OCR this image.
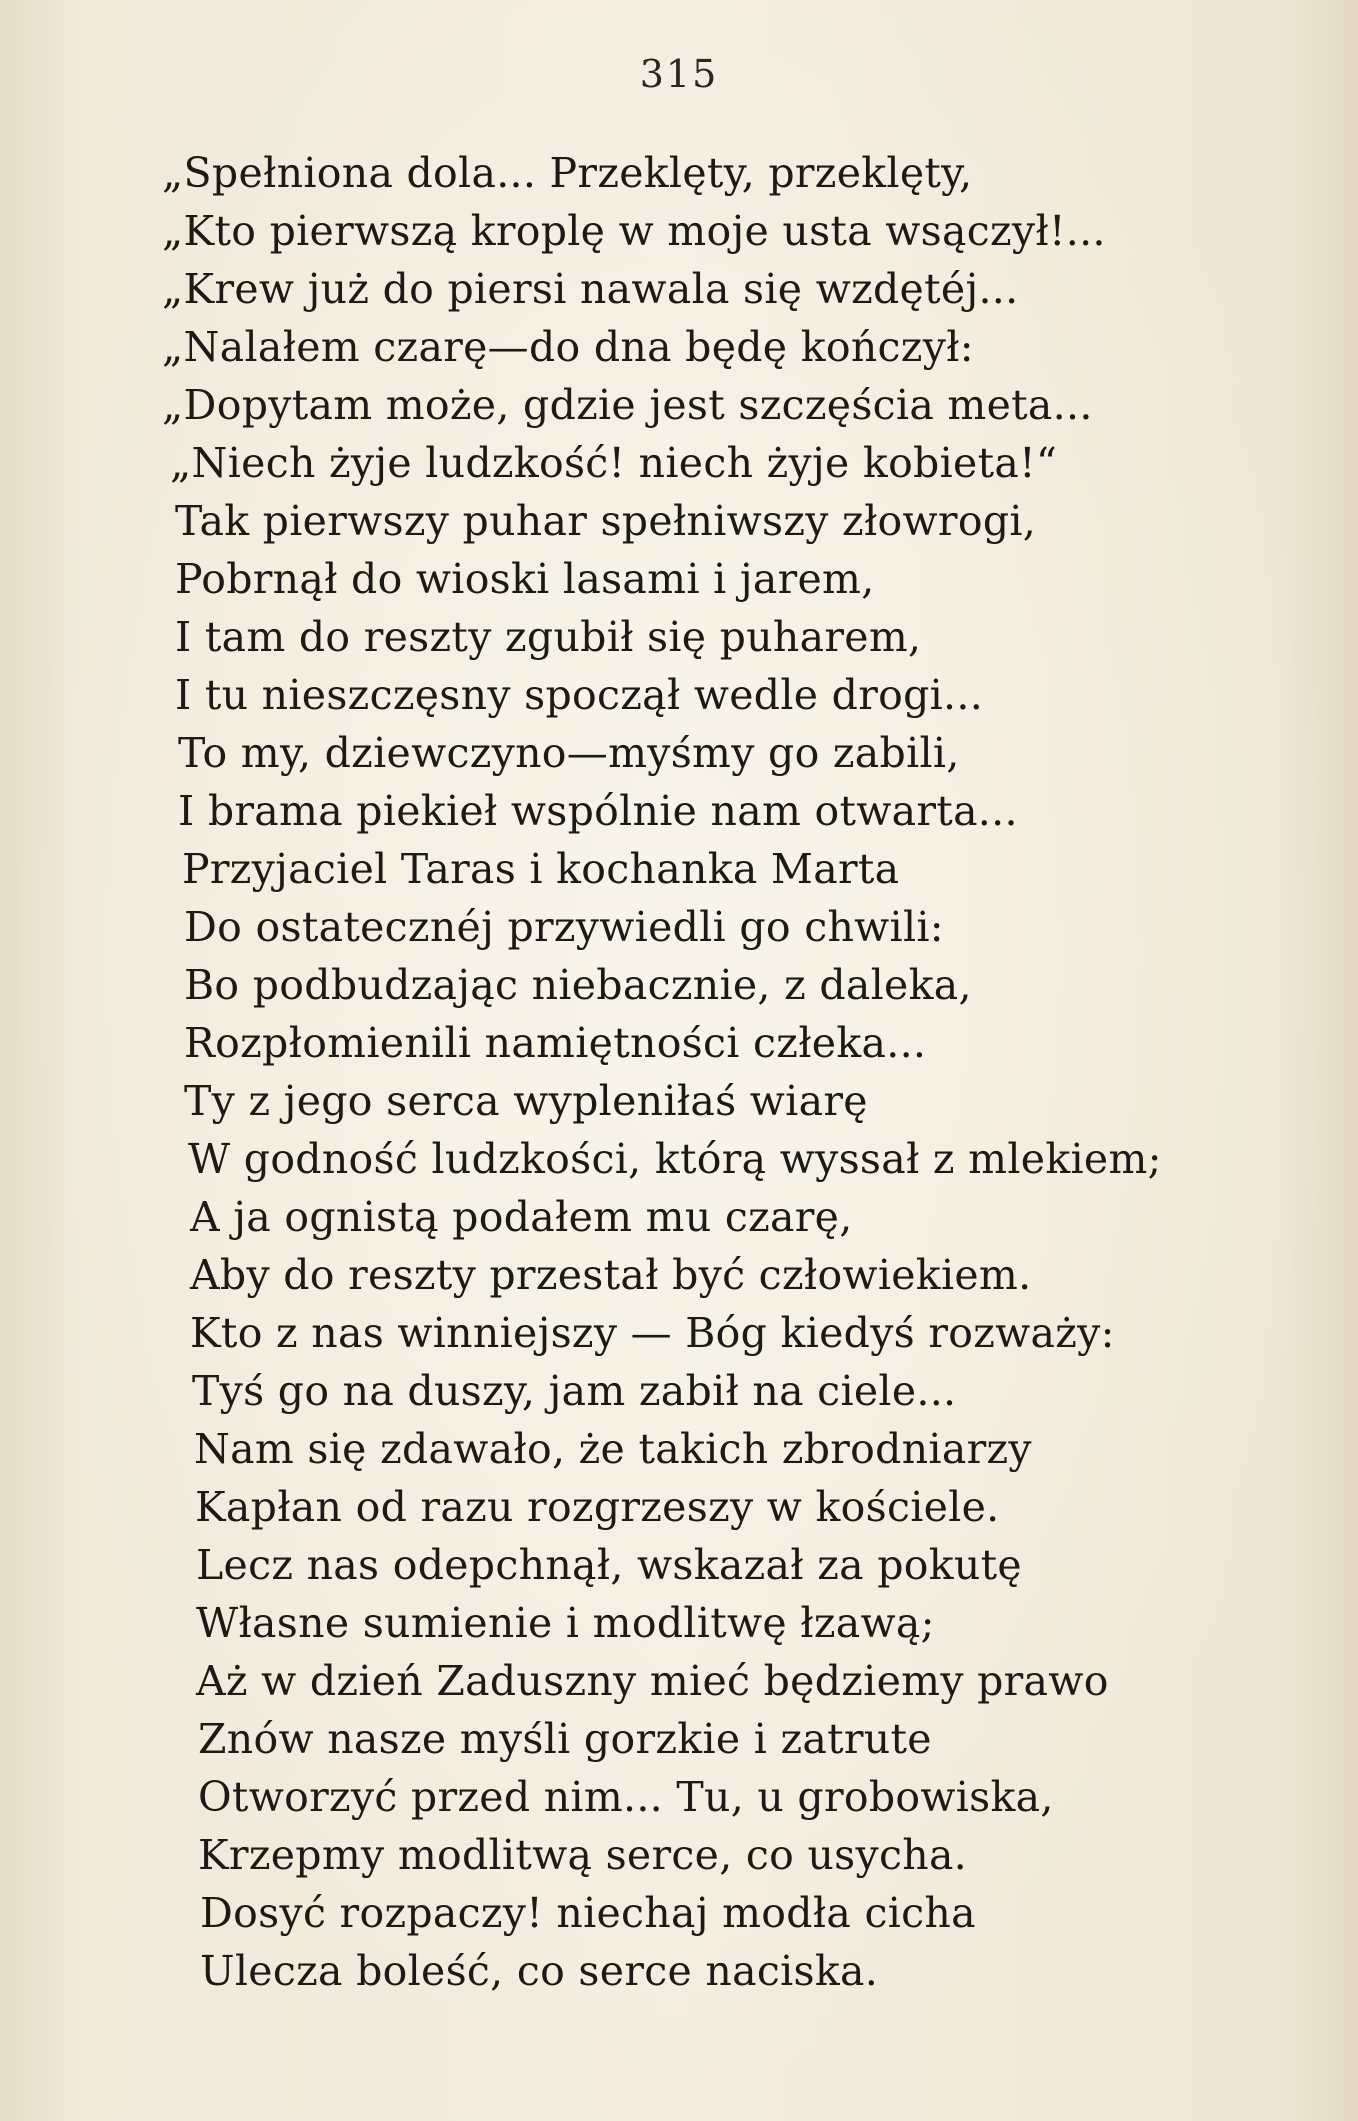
315
„Spełniona dola... Przeklęty, przeklęty,
„Kto pierwszą kroplę w moje usta wsączył!...
„Krew już do piersi nawala się wzdętéj...
„Nalałem czarę—do dna będę kończył:
„Dopytam może, gdzie jest szczęścia meta...
„Niech żyje ludzkość! niech żyje kobieta!“
Tak pierwszy puhar spełniwszy złowrogi,
Pobrnął do wioski lasami i jarem,
I tam do reszty zgubił się puharem,
I tu nieszczęsny spoczął wedle drogi...
To my, dziewczyno—myśmy go zabili,
I brama piekieł wspólnie nam otwarta...
Przyjaciel Taras i kochanka Marta
Do ostatecznéj przywiedli go chwili:
Bo podbudzając niebacznie, z daleka,
Rozpłomienili namiętności człeka...
Ty z jego serca wypleniłaś wiarę
W godność ludzkości, którą wyssał z mlekiem;
A ja ognistą podałem mu czarę,
Aby do reszty przestał być człowiekiem.
Kto z nas winniejszy — Bóg kiedyś rozważy:
Tyś go na duszy, jam zabił na ciele...
Nam się zdawało, że takich zbrodniarzy
Kapłan od razu rozgrzeszy w kościele.
Lecz nas odepchnął, wskazał za pokutę
Własne sumienie i modlitwę łzawą;
Aż w dzień Zaduszny mieć będziemy prawo
Znów nasze myśli gorzkie i zatrute
Otworzyć przed nim... Tu, u grobowiska,
Krzepmy modlitwą serce, co usycha.
Dosyć rozpaczy! niechaj modła cicha
Ulecza boleść, co serce naciska.
